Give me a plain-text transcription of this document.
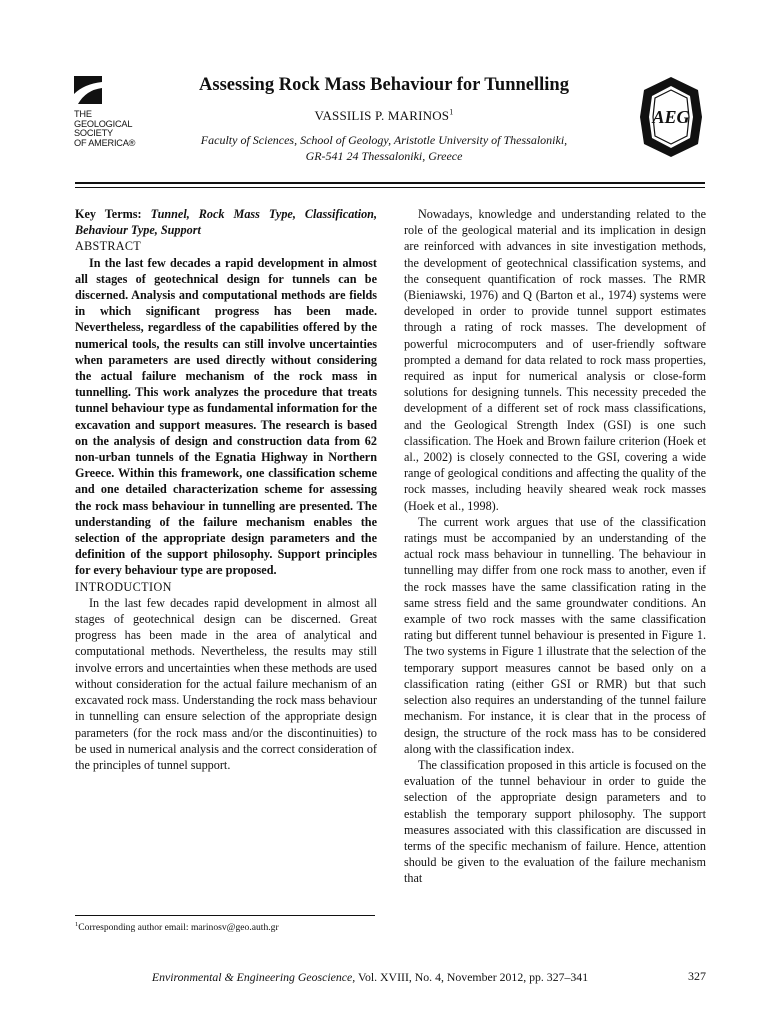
THE
GEOLOGICAL
SOCIETY
OF AMERICA®
AEG
Assessing Rock Mass Behaviour for Tunnelling
VASSILIS P. MARINOS$^1$
Faculty of Sciences, School of Geology, Aristotle University of Thessaloniki,
GR-541 24 Thessaloniki, Greece

Key Terms: Tunnel, Rock Mass Type, Classification, Behaviour Type, Support

ABSTRACT

In the last few decades a rapid development in almost all stages of geotechnical design for tunnels can be discerned. Analysis and computational methods are fields in which significant progress has been made. Nevertheless, regardless of the capabilities offered by the numerical tools, the results can still involve uncertainties when parameters are used directly without considering the actual failure mechanism of the rock mass in tunnelling. This work analyzes the procedure that treats tunnel behaviour type as fundamental information for the excavation and support measures. The research is based on the analysis of design and construction data from 62 non-urban tunnels of the Egnatia Highway in Northern Greece. Within this framework, one classification scheme and one detailed characterization scheme for assessing the rock mass behaviour in tunnelling are presented. The understanding of the failure mechanism enables the selection of the appropriate design parameters and the definition of the support philosophy. Support principles for every behaviour type are proposed.

INTRODUCTION

In the last few decades rapid development in almost all stages of geotechnical design can be discerned. Great progress has been made in the area of analytical and computational methods. Nevertheless, the results may still involve errors and uncertainties when these methods are used without consideration for the actual failure mechanism of an excavated rock mass. Understanding the rock mass behaviour in tunnelling can ensure selection of the appropriate design parameters (for the rock mass and/or the discontinuities) to be used in numerical analysis and the correct consideration of the principles of tunnel support.

Nowadays, knowledge and understanding related to the role of the geological material and its implication in design are reinforced with advances in site investigation methods, the development of geotechnical classification systems, and the consequent quantification of rock masses. The RMR (Bieniawski, 1976) and Q (Barton et al., 1974) systems were developed in order to provide tunnel support estimates through a rating of rock masses. The development of powerful microcomputers and of user-friendly software prompted a demand for data related to rock mass properties, required as input for numerical analysis or close-form solutions for designing tunnels. This necessity preceded the development of a different set of rock mass classifications, and the Geological Strength Index (GSI) is one such classification. The Hoek and Brown failure criterion (Hoek et al., 2002) is closely connected to the GSI, covering a wide range of geological conditions and affecting the quality of the rock masses, including heavily sheared weak rock masses (Hoek et al., 1998).

The current work argues that use of the classification ratings must be accompanied by an understanding of the actual rock mass behaviour in tunnelling. The behaviour in tunnelling may differ from one rock mass to another, even if the rock masses have the same classification rating in the same stress field and the same groundwater conditions. An example of two rock masses with the same classification rating but different tunnel behaviour is presented in Figure 1. The two systems in Figure 1 illustrate that the selection of the temporary support measures cannot be based only on a classification rating (either GSI or RMR) but that such selection also requires an understanding of the tunnel failure mechanism. For instance, it is clear that in the process of design, the structure of the rock mass has to be considered along with the classification index.

The classification proposed in this article is focused on the evaluation of the tunnel behaviour in order to guide the selection of the appropriate design parameters and to establish the temporary support philosophy. The support measures associated with this classification are discussed in terms of the specific mechanism of failure. Hence, attention should be given to the evaluation of the failure mechanism that

$^1$Corresponding author email: marinosv@geo.auth.gr
Environmental & Engineering Geoscience, Vol. XVIII, No. 4, November 2012, pp. 327–341	327
